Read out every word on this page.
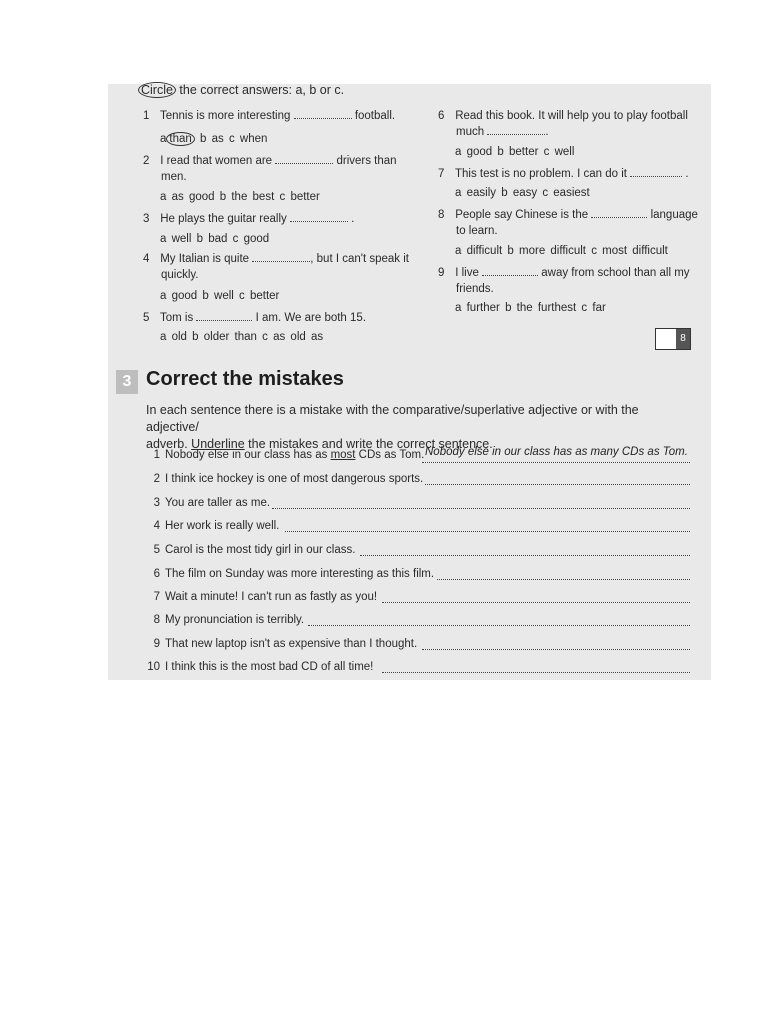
Circle the correct answers: a, b or c.
1 Tennis is more interesting	football.
a than b as c when
2 I read that women are	drivers than
men.
a as good b the best c better
3 He plays the guitar really	.
a well b bad c good
4 My Italian is quite	, but I can't speak it
quickly.
a good b well c better
5 Tom is	I am. We are both 15.
a old b older than c as old as
6 Read this book. It will help you to play football
much	.
a good b better c well
7 This test is no problem. I can do it	.
a easily b easy c easiest
8 People say Chinese is the	language
to learn.
a difficult b more difficult c most difficult
9 I live	away from school than all my
friends.
a further b the furthest c far
8
3 Correct the mistakes
In each sentence there is a mistake with the comparative/superlative adjective or with the adjective/
adverb. Underline the mistakes and write the correct sentence.
1 Nobody else in our class has as most CDs as Tom. Nobody else in our class has as many CDs as Tom.
2 I think ice hockey is one of most dangerous sports.
3 You are taller as me.
4 Her work is really well.
5 Carol is the most tidy girl in our class.
6 The film on Sunday was more interesting as this film.
7 Wait a minute! I can't run as fastly as you!
8 My pronunciation is terribly.
9 That new laptop isn't as expensive than I thought.
10 I think this is the most bad CD of all time!
